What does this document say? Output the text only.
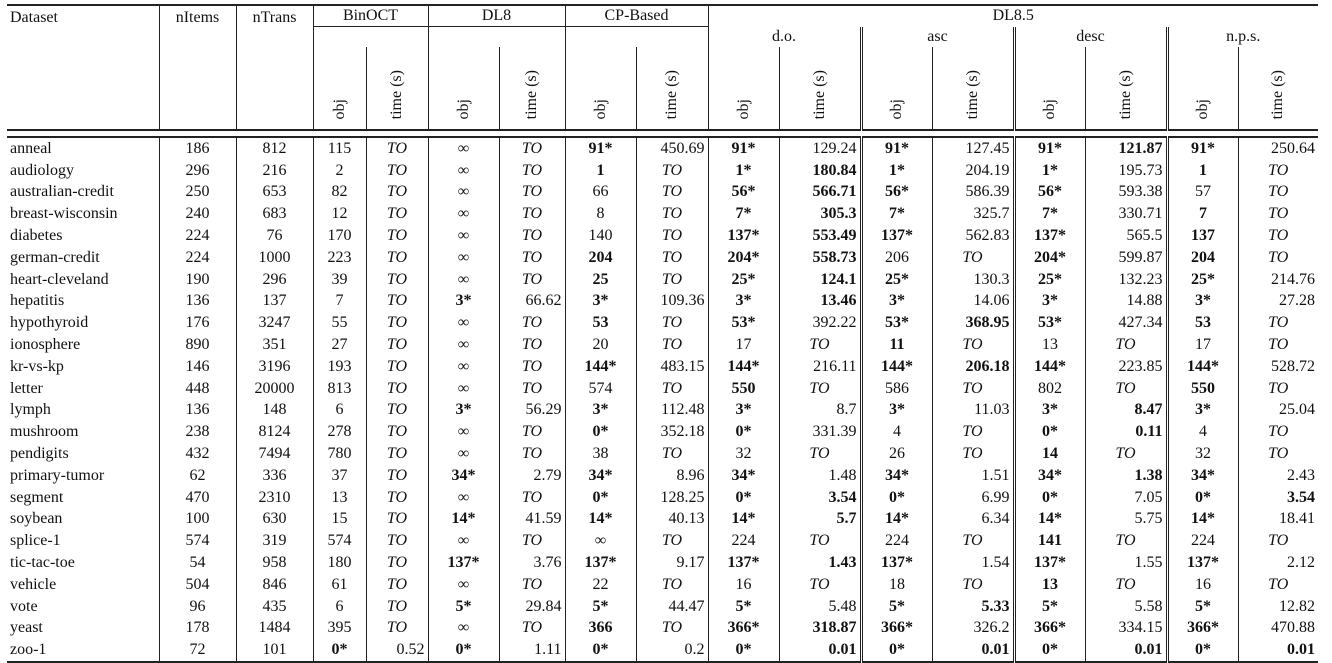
Dataset	nItems	nTrans	BinOCT		DL8		CP-Based		DL8.5							
									d.o.		asc		desc		n.p.s.	
			obj	time (s)	obj	time (s)	obj	time (s)	obj	time (s)	obj	time (s)	obj	time (s)	obj	time (s)

anneal	186	812	115	TO	∞	TO	91*	450.69	91*	129.24	91*	127.45	91*	121.87	91*	250.64
audiology	296	216	2	TO	∞	TO	1	TO	1*	180.84	1*	204.19	1*	195.73	1	TO
australian-credit	250	653	82	TO	∞	TO	66	TO	56*	566.71	56*	586.39	56*	593.38	57	TO
breast-wisconsin	240	683	12	TO	∞	TO	8	TO	7*	305.3	7*	325.7	7*	330.71	7	TO
diabetes	224	76	170	TO	∞	TO	140	TO	137*	553.49	137*	562.83	137*	565.5	137	TO
german-credit	224	1000	223	TO	∞	TO	204	TO	204*	558.73	206	TO	204*	599.87	204	TO
heart-cleveland	190	296	39	TO	∞	TO	25	TO	25*	124.1	25*	130.3	25*	132.23	25*	214.76
hepatitis	136	137	7	TO	3*	66.62	3*	109.36	3*	13.46	3*	14.06	3*	14.88	3*	27.28
hypothyroid	176	3247	55	TO	∞	TO	53	TO	53*	392.22	53*	368.95	53*	427.34	53	TO
ionosphere	890	351	27	TO	∞	TO	20	TO	17	TO	11	TO	13	TO	17	TO
kr-vs-kp	146	3196	193	TO	∞	TO	144*	483.15	144*	216.11	144*	206.18	144*	223.85	144*	528.72
letter	448	20000	813	TO	∞	TO	574	TO	550	TO	586	TO	802	TO	550	TO
lymph	136	148	6	TO	3*	56.29	3*	112.48	3*	8.7	3*	11.03	3*	8.47	3*	25.04
mushroom	238	8124	278	TO	∞	TO	0*	352.18	0*	331.39	4	TO	0*	0.11	4	TO
pendigits	432	7494	780	TO	∞	TO	38	TO	32	TO	26	TO	14	TO	32	TO
primary-tumor	62	336	37	TO	34*	2.79	34*	8.96	34*	1.48	34*	1.51	34*	1.38	34*	2.43
segment	470	2310	13	TO	∞	TO	0*	128.25	0*	3.54	0*	6.99	0*	7.05	0*	3.54
soybean	100	630	15	TO	14*	41.59	14*	40.13	14*	5.7	14*	6.34	14*	5.75	14*	18.41
splice-1	574	319	574	TO	∞	TO	∞	TO	224	TO	224	TO	141	TO	224	TO
tic-tac-toe	54	958	180	TO	137*	3.76	137*	9.17	137*	1.43	137*	1.54	137*	1.55	137*	2.12
vehicle	504	846	61	TO	∞	TO	22	TO	16	TO	18	TO	13	TO	16	TO
vote	96	435	6	TO	5*	29.84	5*	44.47	5*	5.48	5*	5.33	5*	5.58	5*	12.82
yeast	178	1484	395	TO	∞	TO	366	TO	366*	318.87	366*	326.2	366*	334.15	366*	470.88
zoo-1	72	101	0*	0.52	0*	1.11	0*	0.2	0*	0.01	0*	0.01	0*	0.01	0*	0.01
